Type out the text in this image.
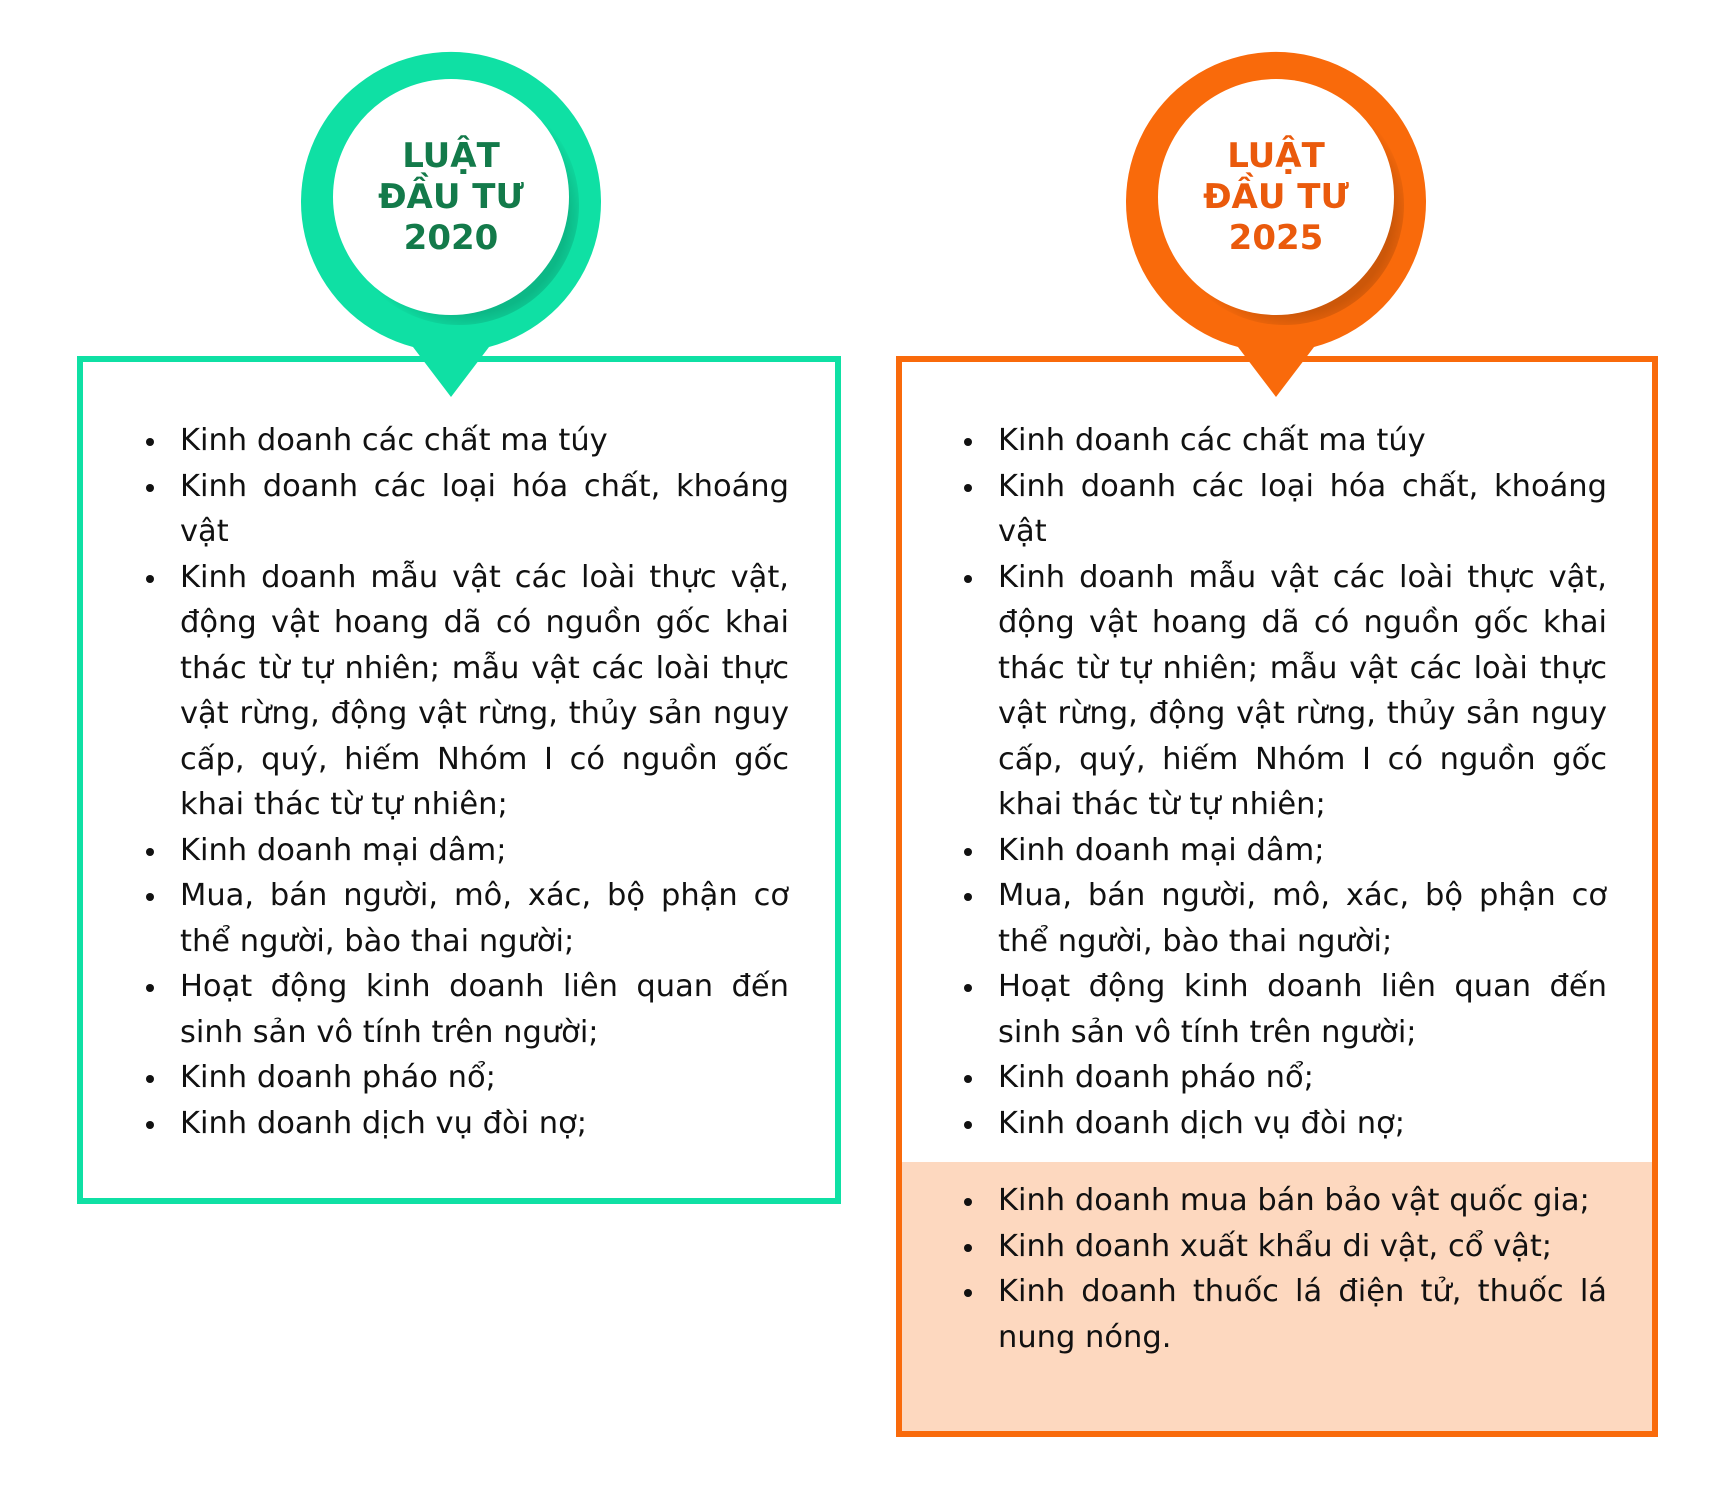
Kinh doanh các chất ma túy
Kinh doanh các loại hóa chất, khoáng vật
Kinh doanh mẫu vật các loài thực vật, động vật hoang dã có nguồn gốc khai thác từ tự nhiên; mẫu vật các loài thực vật rừng, động vật rừng, thủy sản nguy cấp, quý, hiếm Nhóm I có nguồn gốc khai thác từ tự nhiên;
Kinh doanh mại dâm;
Mua, bán người, mô, xác, bộ phận cơ thể người, bào thai người;
Hoạt động kinh doanh liên quan đến sinh sản vô tính trên người;
Kinh doanh pháo nổ;
Kinh doanh dịch vụ đòi nợ;
LUẬT
ĐẦU TƯ
2020
Kinh doanh các chất ma túy
Kinh doanh các loại hóa chất, khoáng vật
Kinh doanh mẫu vật các loài thực vật, động vật hoang dã có nguồn gốc khai thác từ tự nhiên; mẫu vật các loài thực vật rừng, động vật rừng, thủy sản nguy cấp, quý, hiếm Nhóm I có nguồn gốc khai thác từ tự nhiên;
Kinh doanh mại dâm;
Mua, bán người, mô, xác, bộ phận cơ thể người, bào thai người;
Hoạt động kinh doanh liên quan đến sinh sản vô tính trên người;
Kinh doanh pháo nổ;
Kinh doanh dịch vụ đòi nợ;
Kinh doanh mua bán bảo vật quốc gia;
Kinh doanh xuất khẩu di vật, cổ vật;
Kinh doanh thuốc lá điện tử, thuốc lá nung nóng.
LUẬT
ĐẦU TƯ
2025
